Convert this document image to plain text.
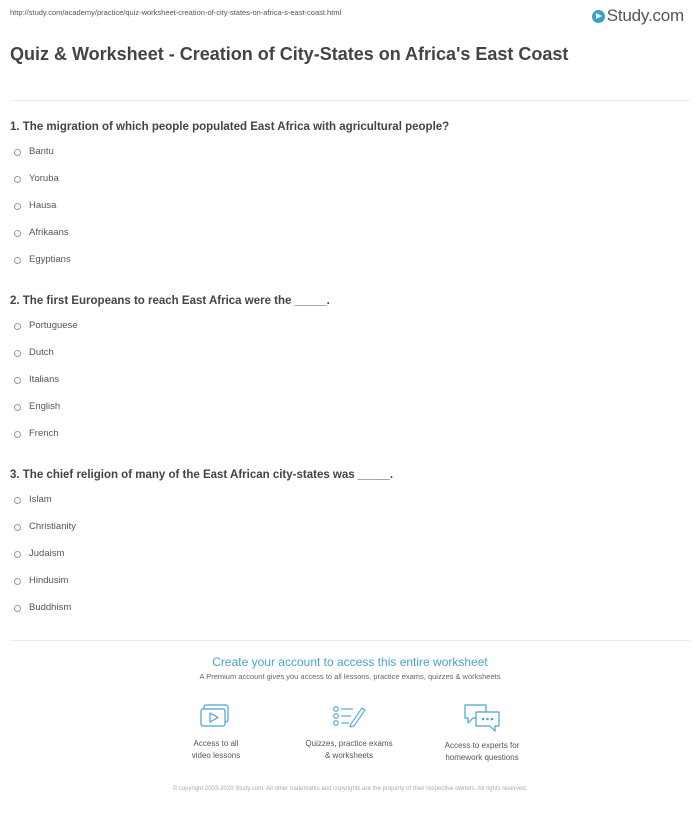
http://study.com/academy/practice/quiz-worksheet-creation-of-city-states-on-africa-s-east-coast.html	Study.com
Quiz & Worksheet - Creation of City-States on Africa's East Coast
1. The migration of which people populated East Africa with agricultural people?
Bantu
Yoruba
Hausa
Afrikaans
Egyptians
2. The first Europeans to reach East Africa were the _____.
Portuguese
Dutch
Italians
English
French
3. The chief religion of many of the East African city-states was _____.
Islam
Christianity
Judaism
Hindusim
Buddhism
Create your account to access this entire worksheet
A Premium account gives you access to all lessons, practice exams, quizzes & worksheets
Access to all
video lessons
Quizzes, practice exams
& worksheets
Access to experts for
homework questions
© copyright 2003-2020 Study.com. All other trademarks and copyrights are the property of their respective owners. All rights reserved.
